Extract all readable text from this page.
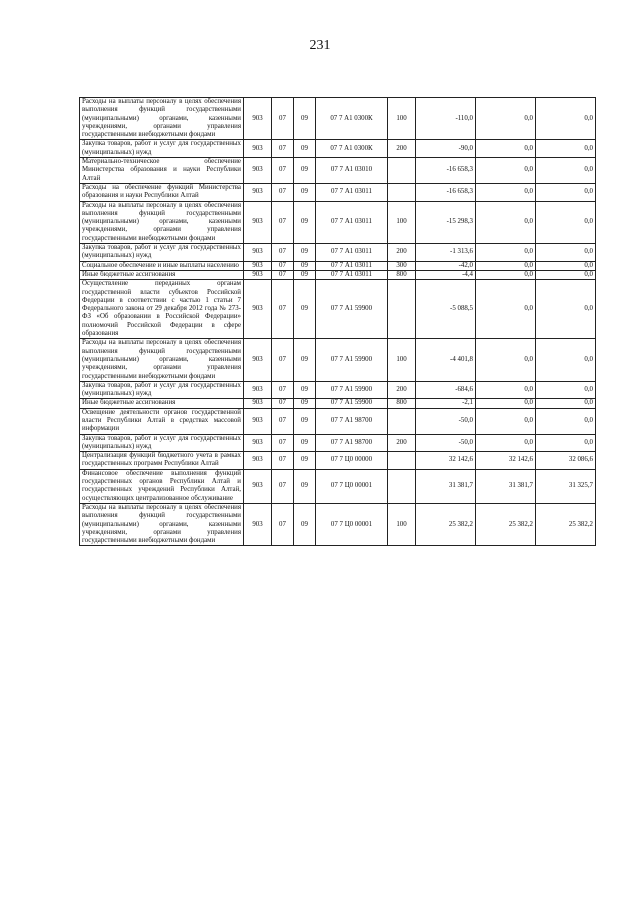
231
Расходы на выплаты персоналу в целях обеспечения выполнения функций государственными (муниципальными) органами, казенными учреждениями, органами управления государственными внебюджетными фондами	903	07	09	07 7 А1 0300К	100	-110,0	0,0	0,0
Закупка товаров, работ и услуг для государственных (муниципальных) нужд	903	07	09	07 7 А1 0300К	200	-90,0	0,0	0,0
Материально-техническое обеспечение Министерства образования и науки Республики Алтай	903	07	09	07 7 А1 03010		-16 658,3	0,0	0,0
Расходы на обеспечение функций Министерства образования и науки Республики Алтай	903	07	09	07 7 А1 03011		-16 658,3	0,0	0,0
Расходы на выплаты персоналу в целях обеспечения выполнения функций государственными (муниципальными) органами, казенными учреждениями, органами управления государственными внебюджетными фондами	903	07	09	07 7 А1 03011	100	-15 298,3	0,0	0,0
Закупка товаров, работ и услуг для государственных (муниципальных) нужд	903	07	09	07 7 А1 03011	200	-1 313,6	0,0	0,0
Социальное обеспечение и иные выплаты населению	903	07	09	07 7 А1 03011	300	-42,0	0,0	0,0
Иные бюджетные ассигнования	903	07	09	07 7 А1 03011	800	-4,4	0,0	0,0
Осуществление переданных органам государственной власти субъектов Российской Федерации в соответствии с частью 1 статьи 7 Федерального закона от 29 декабря 2012 года № 273-ФЗ «Об образовании в Российской Федерации» полномочий Российской Федерации в сфере образования	903	07	09	07 7 А1 59900		-5 088,5	0,0	0,0
Расходы на выплаты персоналу в целях обеспечения выполнения функций государственными (муниципальными) органами, казенными учреждениями, органами управления государственными внебюджетными фондами	903	07	09	07 7 А1 59900	100	-4 401,8	0,0	0,0
Закупка товаров, работ и услуг для государственных (муниципальных) нужд	903	07	09	07 7 А1 59900	200	-684,6	0,0	0,0
Иные бюджетные ассигнования	903	07	09	07 7 А1 59900	800	-2,1	0,0	0,0
Освещение деятельности органов государственной власти Республики Алтай в средствах массовой информации	903	07	09	07 7 А1 98700		-50,0	0,0	0,0
Закупка товаров, работ и услуг для государственных (муниципальных) нужд	903	07	09	07 7 А1 98700	200	-50,0	0,0	0,0
Централизация функций бюджетного учета в рамках государственных программ Республики Алтай	903	07	09	07 7 Ц0 00000		32 142,6	32 142,6	32 086,6
Финансовое обеспечение выполнения функций государственных органов Республики Алтай и государственных учреждений Республики Алтай, осуществляющих централизованное обслуживание	903	07	09	07 7 Ц0 00001		31 381,7	31 381,7	31 325,7
Расходы на выплаты персоналу в целях обеспечения выполнения функций государственными (муниципальными) органами, казенными учреждениями, органами управления государственными внебюджетными фондами	903	07	09	07 7 Ц0 00001	100	25 382,2	25 382,2	25 382,2
